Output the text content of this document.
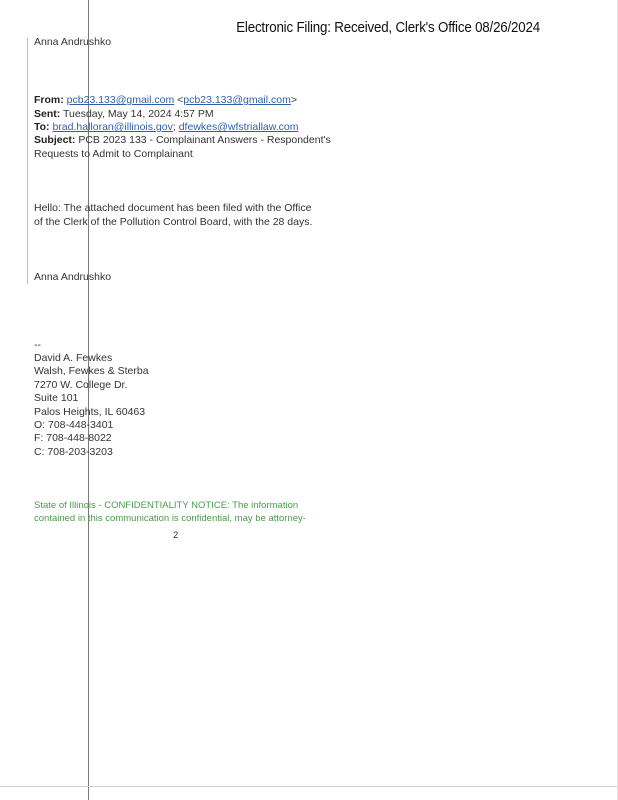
Electronic Filing: Received, Clerk's Office 08/26/2024
Anna Andrushko
From: pcb23.133@gmail.com <pcb23.133@gmail.com>
Sent: Tuesday, May 14, 2024 4:57 PM
To: brad.halloran@illinois.gov; dfewkes@wfstriallaw.com
Subject: PCB 2023 133 - Complainant Answers - Respondent's
Requests to Admit to Complainant
Hello: The attached document has been filed with the Office
of the Clerk of the Pollution Control Board, with the 28 days.
Anna Andrushko
--
David A. Fewkes
Walsh, Fewkes & Sterba
7270 W. College Dr.
Suite 101
Palos Heights, IL 60463
O: 708-448-3401
F: 708-448-8022
C: 708-203-3203
State of Illinois - CONFIDENTIALITY NOTICE: The information
contained in this communication is confidential, may be attorney-
2
